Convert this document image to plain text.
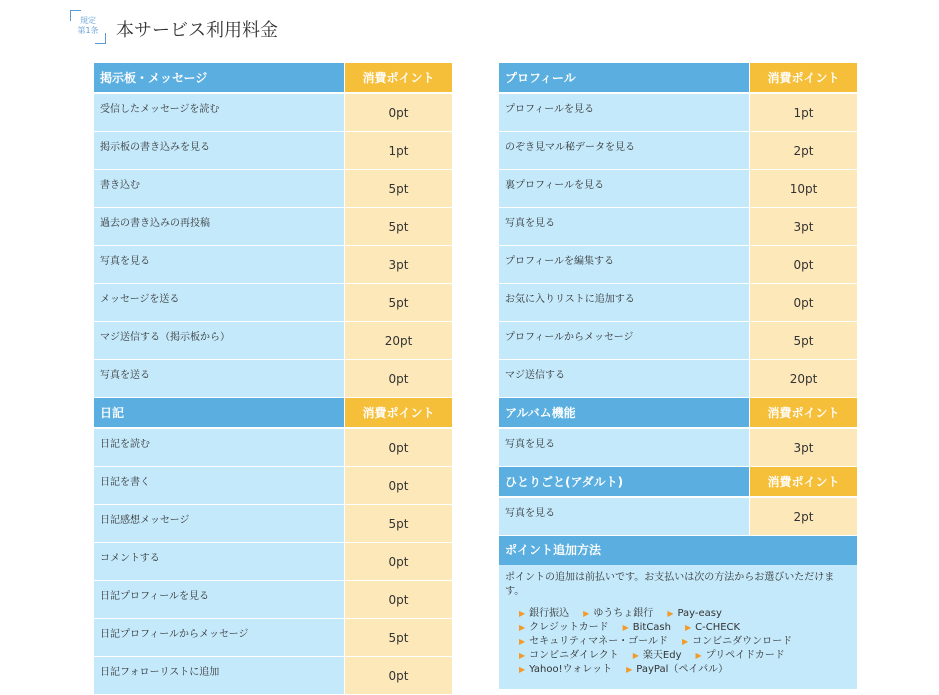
規定
第1条 本サービス利用料金
掲示板・メッセージ	消費ポイント
受信したメッセージを読む	0pt
掲示板の書き込みを見る	1pt
書き込む	5pt
過去の書き込みの再投稿	5pt
写真を見る	3pt
メッセージを送る	5pt
マジ送信する（掲示板から）	20pt
写真を送る	0pt
日記	消費ポイント
日記を読む	0pt
日記を書く	0pt
日記感想メッセージ	5pt
コメントする	0pt
日記プロフィールを見る	0pt
日記プロフィールからメッセージ	5pt
日記フォローリストに追加	0pt
プロフィール	消費ポイント
プロフィールを見る	1pt
のぞき見マル秘データを見る	2pt
裏プロフィールを見る	10pt
写真を見る	3pt
プロフィールを編集する	0pt
お気に入りリストに追加する	0pt
プロフィールからメッセージ	5pt
マジ送信する	20pt
アルバム機能	消費ポイント
写真を見る	3pt
ひとりごと(アダルト)	消費ポイント
写真を見る	2pt
ポイント追加方法
ポイントの追加は前払いです。お支払いは次の方法からお選びいただけます。
▶ 銀行振込 ▶ ゆうちょ銀行 ▶ Pay-easy
▶ クレジットカード ▶ BitCash ▶ C-CHECK
▶ セキュリティマネー・ゴールド ▶ コンビニダウンロード
▶ コンビニダイレクト ▶ 楽天Edy ▶ プリペイドカード
▶ Yahoo!ウォレット ▶ PayPal（ペイパル）
